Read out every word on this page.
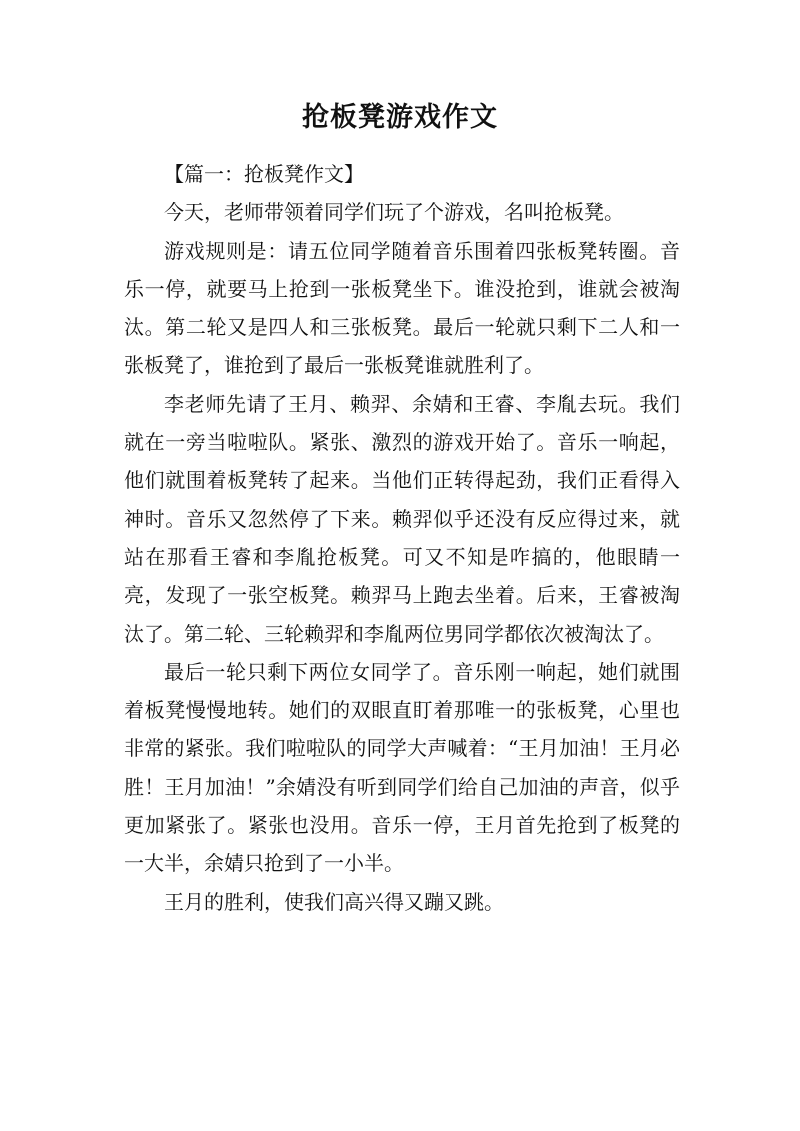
抢板凳游戏作文

【篇一：抢板凳作文】

今天，老师带领着同学们玩了个游戏，名叫抢板凳。

游戏规则是：请五位同学随着音乐围着四张板凳转圈。音乐一停，就要马上抢到一张板凳坐下。谁没抢到，谁就会被淘汰。第二轮又是四人和三张板凳。最后一轮就只剩下二人和一张板凳了，谁抢到了最后一张板凳谁就胜利了。

李老师先请了王月、赖羿、余婧和王睿、李胤去玩。我们就在一旁当啦啦队。紧张、激烈的游戏开始了。音乐一响起，他们就围着板凳转了起来。当他们正转得起劲，我们正看得入神时。音乐又忽然停了下来。赖羿似乎还没有反应得过来，就站在那看王睿和李胤抢板凳。可又不知是咋搞的，他眼睛一亮，发现了一张空板凳。赖羿马上跑去坐着。后来，王睿被淘汰了。第二轮、三轮赖羿和李胤两位男同学都依次被淘汰了。

最后一轮只剩下两位女同学了。音乐刚一响起，她们就围着板凳慢慢地转。她们的双眼直盯着那唯一的张板凳，心里也非常的紧张。我们啦啦队的同学大声喊着：“王月加油！王月必胜！王月加油！”余婧没有听到同学们给自己加油的声音，似乎更加紧张了。紧张也没用。音乐一停，王月首先抢到了板凳的一大半，余婧只抢到了一小半。

王月的胜利，使我们高兴得又蹦又跳。
